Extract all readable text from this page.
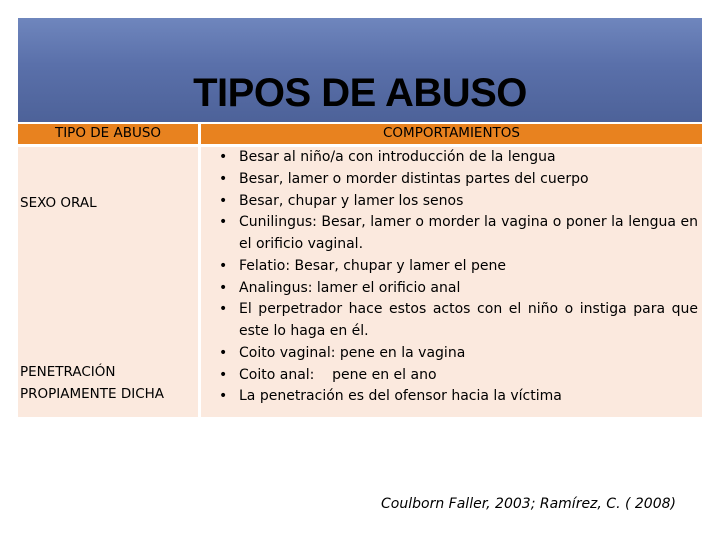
TIPOS DE ABUSO
TIPO DE ABUSO	COMPORTAMIENTOS
SEXO ORAL
PENETRACIÓN PROPIAMENTE DICHA
• Besar al niño/a con introducción de la lengua
• Besar, lamer o morder distintas partes del cuerpo
• Besar, chupar y lamer los senos
• Cunilingus: Besar, lamer o morder la vagina o poner la lengua en el orificio vaginal.
• Felatio: Besar, chupar y lamer el pene
• Analingus: lamer el orificio anal
• El perpetrador hace estos actos con el niño o instiga para que este lo haga en él.
• Coito vaginal: pene en la vagina
• Coito anal:    pene en el ano
• La penetración es del ofensor hacia la víctima
Coulborn Faller, 2003; Ramírez, C. ( 2008)
